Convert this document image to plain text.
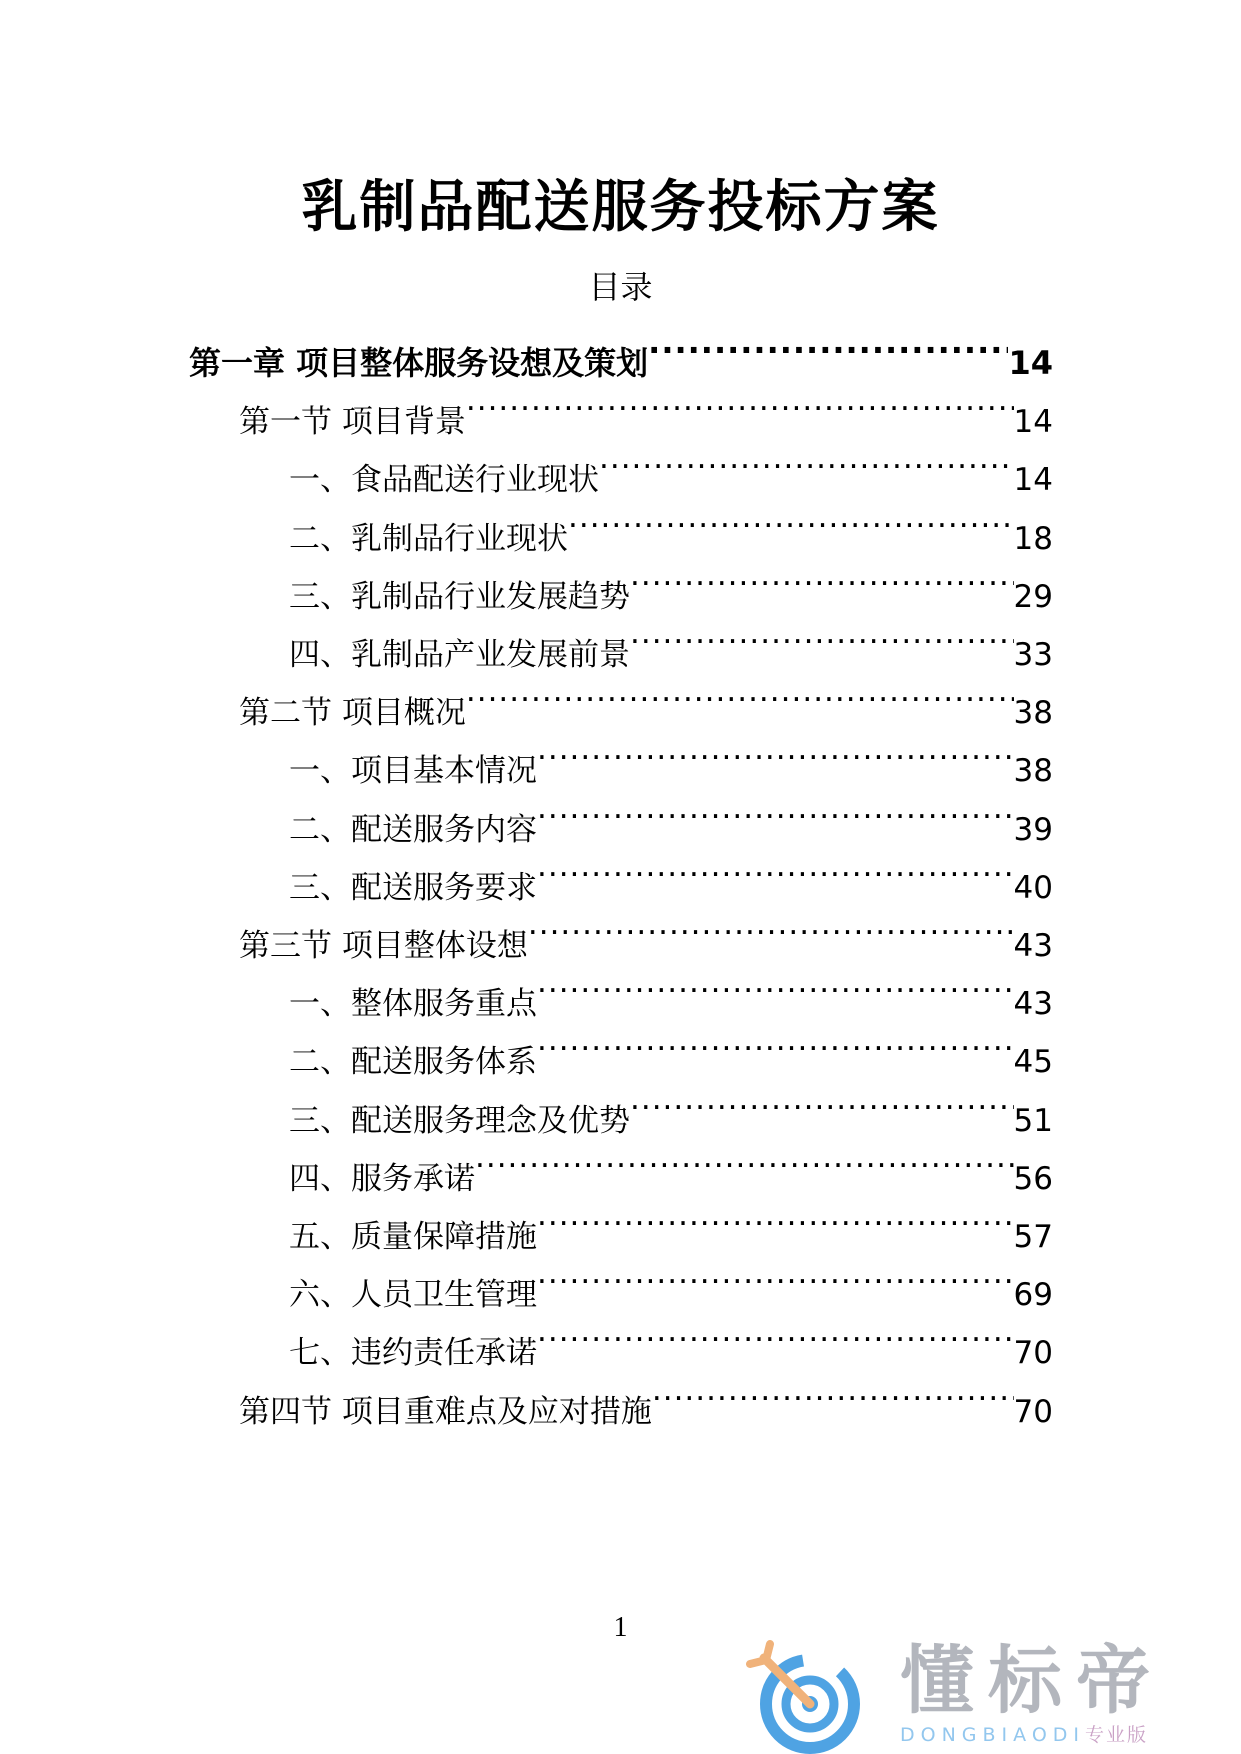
乳制品配送服务投标方案
目录
第一章 项目整体服务设想及策划 .....	14
第一节 项目背景 .....	14
一、食品配送行业现状 .....	14
二、乳制品行业现状 .....	18
三、乳制品行业发展趋势 .....	29
四、乳制品产业发展前景 .....	33
第二节 项目概况 .....	38
一、项目基本情况 .....	38
二、配送服务内容 .....	39
三、配送服务要求 .....	40
第三节 项目整体设想 .....	43
一、整体服务重点 .....	43
二、配送服务体系 .....	45
三、配送服务理念及优势 .....	51
四、服务承诺 .....	56
五、质量保障措施 .....	57
六、人员卫生管理 .....	69
七、违约责任承诺 .....	70
第四节 项目重难点及应对措施 .....	70
1
懂标帝
DONGBIAODI专业版
